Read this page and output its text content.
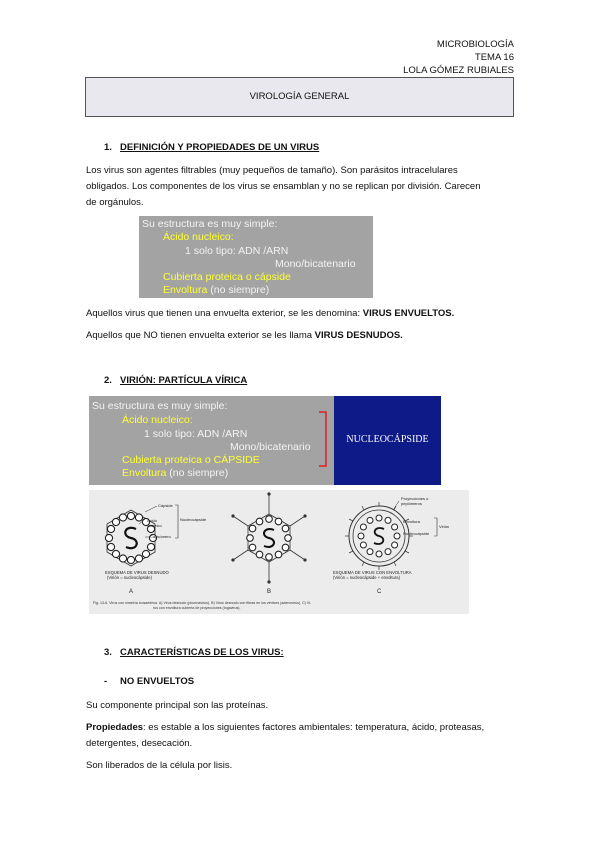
MICROBIOLOGÍA
TEMA 16
LOLA GÓMEZ RUBIALES
VIROLOGÍA GENERAL
1. DEFINICIÓN Y PROPIEDADES DE UN VIRUS
Los virus son agentes filtrables (muy pequeños de tamaño). Son parásitos intracelulares
obligados. Los componentes de los virus se ensamblan y no se replican por división. Carecen
de orgánulos.
Su estructura es muy simple:
Ácido nucleico:
1 solo tipo: ADN /ARN
Mono/bicatenario
Cubierta proteica o cápside
Envoltura (no siempre)
Aquellos virus que tienen una envuelta exterior, se les denomina: VIRUS ENVUELTOS.
Aquellos que NO tienen envuelta exterior se les llama VIRUS DESNUDOS.
2. VIRIÓN: PARTÍCULA VÍRICA
Su estructura es muy simple:
Ácido nucleico:
1 solo tipo: ADN /ARN
Mono/bicatenario
Cubierta proteica o CÁPSIDE
Envoltura (no siempre)
NUCLEOCÁPSIDE
Cápside
Ácido
nucleico
Capsómero
Nucleocápside
Proyecciones o
peplómeros
Envoltura
Nucleocápside
Virión
ESQUEMA DE VIRUS DESNUDO
(Virión = nucleocápside)
ESQUEMA DE VIRUS CON ENVOLTURA
(Virión = nucleocápside + envoltura)
A	B	C
Fig. 13-6. Virus con simetría icosaédrica. A) Virus desnudo (picornavirus). B) Virus desnudo con fibras en los vértices (adenovirus). C) Vi-
rus con envoltura cubierta de proyecciones (togavirus).
3. CARACTERÍSTICAS DE LOS VIRUS:
- NO ENVUELTOS
Su componente principal son las proteínas.
Propiedades: es estable a los siguientes factores ambientales: temperatura, ácido, proteasas,
detergentes, desecación.
Son liberados de la célula por lisis.
